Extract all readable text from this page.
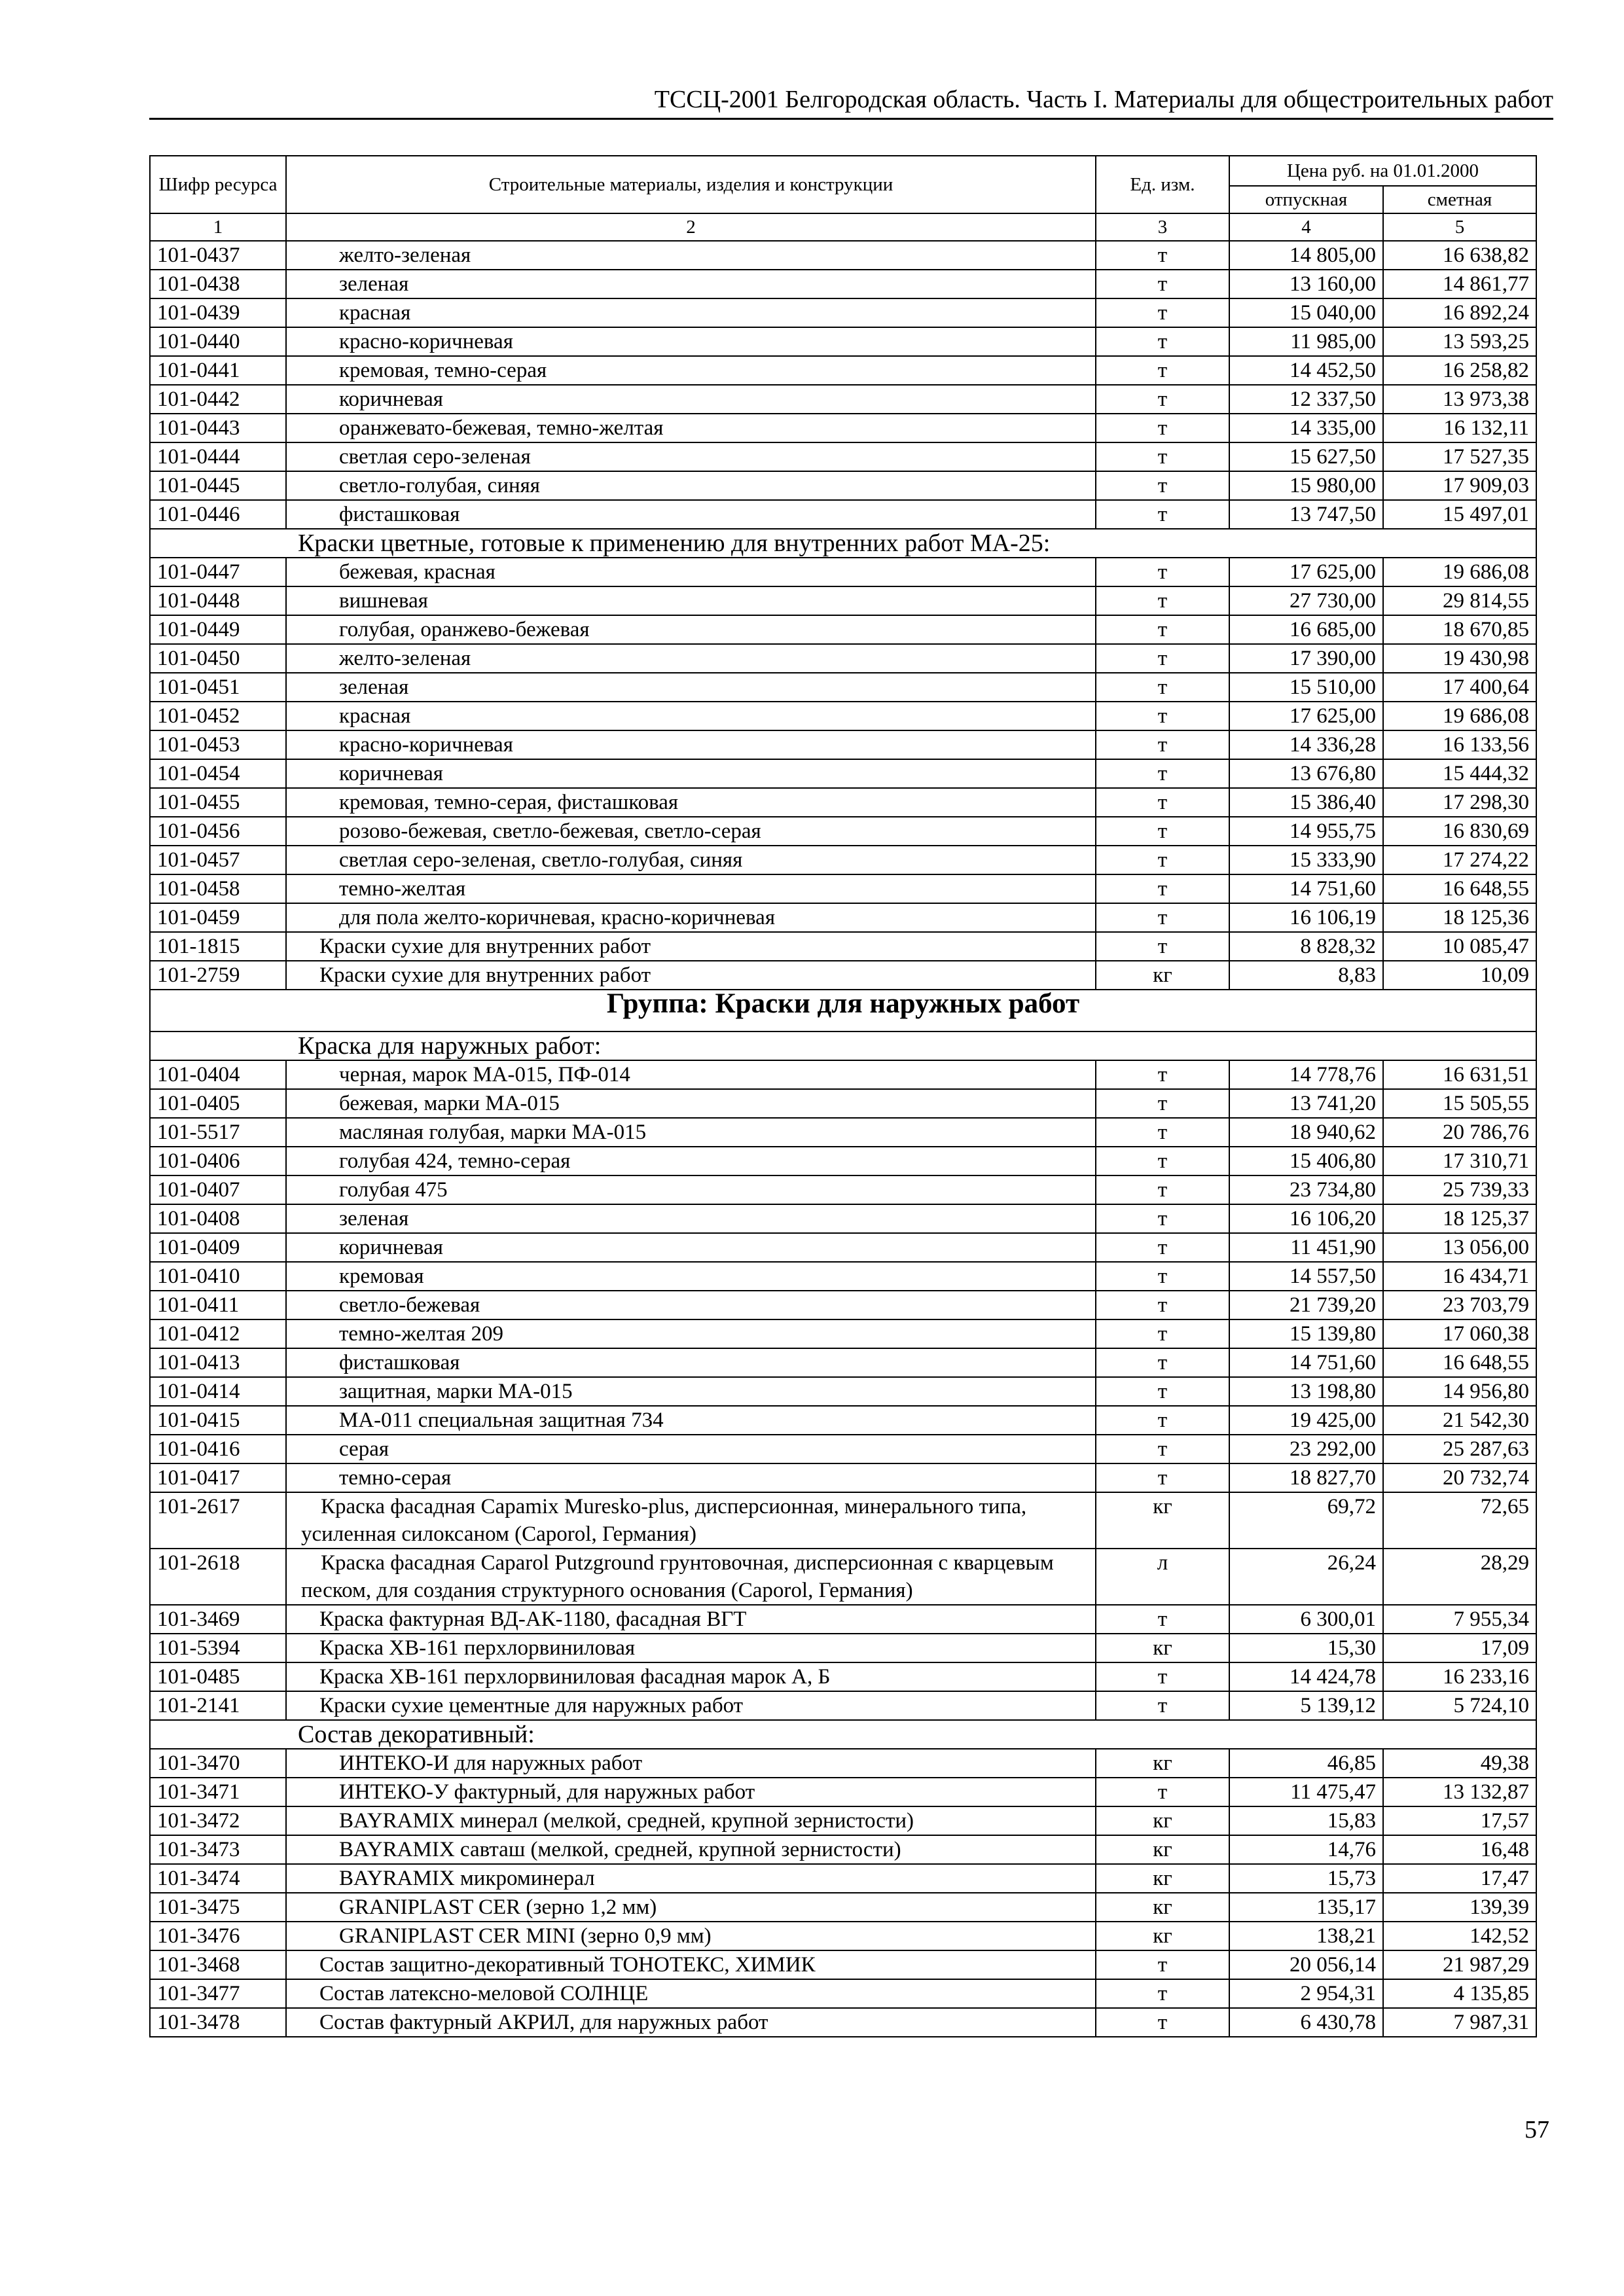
ТССЦ-2001 Белгородская область. Часть I. Материалы для общестроительных работ
Шифр ресурса	Строительные материалы, изделия и конструкции	Ед. изм.	Цена руб. на 01.01.2000	
			отпускная	сметная
1	2	3	4	5
101-0437	желто-зеленая	т	14 805,00	16 638,82
101-0438	зеленая	т	13 160,00	14 861,77
101-0439	красная	т	15 040,00	16 892,24
101-0440	красно-коричневая	т	11 985,00	13 593,25
101-0441	кремовая, темно-серая	т	14 452,50	16 258,82
101-0442	коричневая	т	12 337,50	13 973,38
101-0443	оранжевато-бежевая, темно-желтая	т	14 335,00	16 132,11
101-0444	светлая серо-зеленая	т	15 627,50	17 527,35
101-0445	светло-голубая, синяя	т	15 980,00	17 909,03
101-0446	фисташковая	т	13 747,50	15 497,01
Краски цветные, готовые к применению для внутренних работ МА-25:				
101-0447	бежевая, красная	т	17 625,00	19 686,08
101-0448	вишневая	т	27 730,00	29 814,55
101-0449	голубая, оранжево-бежевая	т	16 685,00	18 670,85
101-0450	желто-зеленая	т	17 390,00	19 430,98
101-0451	зеленая	т	15 510,00	17 400,64
101-0452	красная	т	17 625,00	19 686,08
101-0453	красно-коричневая	т	14 336,28	16 133,56
101-0454	коричневая	т	13 676,80	15 444,32
101-0455	кремовая, темно-серая, фисташковая	т	15 386,40	17 298,30
101-0456	розово-бежевая, светло-бежевая, светло-серая	т	14 955,75	16 830,69
101-0457	светлая серо-зеленая, светло-голубая, синяя	т	15 333,90	17 274,22
101-0458	темно-желтая	т	14 751,60	16 648,55
101-0459	для пола желто-коричневая, красно-коричневая	т	16 106,19	18 125,36
101-1815	Краски сухие для внутренних работ	т	8 828,32	10 085,47
101-2759	Краски сухие для внутренних работ	кг	8,83	10,09
Группа: Краски для наружных работ				
Краска для наружных работ:				
101-0404	черная, марок МА-015, ПФ-014	т	14 778,76	16 631,51
101-0405	бежевая, марки МА-015	т	13 741,20	15 505,55
101-5517	масляная голубая, марки МА-015	т	18 940,62	20 786,76
101-0406	голубая 424, темно-серая	т	15 406,80	17 310,71
101-0407	голубая 475	т	23 734,80	25 739,33
101-0408	зеленая	т	16 106,20	18 125,37
101-0409	коричневая	т	11 451,90	13 056,00
101-0410	кремовая	т	14 557,50	16 434,71
101-0411	светло-бежевая	т	21 739,20	23 703,79
101-0412	темно-желтая 209	т	15 139,80	17 060,38
101-0413	фисташковая	т	14 751,60	16 648,55
101-0414	защитная, марки МА-015	т	13 198,80	14 956,80
101-0415	МА-011 специальная защитная 734	т	19 425,00	21 542,30
101-0416	серая	т	23 292,00	25 287,63
101-0417	темно-серая	т	18 827,70	20 732,74
101-2617	Краска фасадная Capamix Muresko-plus, дисперсионная, минерального типа, усиленная силоксаном (Caporol, Германия)	кг	69,72	72,65
101-2618	Краска фасадная Caparol Putzground грунтовочная, дисперсионная с кварцевым песком, для создания структурного основания (Caporol, Германия)	л	26,24	28,29
101-3469	Краска фактурная ВД-АК-1180, фасадная ВГТ	т	6 300,01	7 955,34
101-5394	Краска ХВ-161 перхлорвиниловая	кг	15,30	17,09
101-0485	Краска ХВ-161 перхлорвиниловая фасадная марок А, Б	т	14 424,78	16 233,16
101-2141	Краски сухие цементные для наружных работ	т	5 139,12	5 724,10
Состав декоративный:				
101-3470	ИНТЕКО-И для наружных работ	кг	46,85	49,38
101-3471	ИНТЕКО-У фактурный, для наружных работ	т	11 475,47	13 132,87
101-3472	BAYRAMIX минерал (мелкой, средней, крупной зернистости)	кг	15,83	17,57
101-3473	BAYRAMIX савташ (мелкой, средней, крупной зернистости)	кг	14,76	16,48
101-3474	BAYRAMIX микроминерал	кг	15,73	17,47
101-3475	GRANIPLAST CER (зерно 1,2 мм)	кг	135,17	139,39
101-3476	GRANIPLAST CER MINI (зерно 0,9 мм)	кг	138,21	142,52
101-3468	Состав защитно-декоративный ТОНОТЕКС, ХИМИК	т	20 056,14	21 987,29
101-3477	Состав латексно-меловой СОЛНЦЕ	т	2 954,31	4 135,85
101-3478	Состав фактурный АКРИЛ, для наружных работ	т	6 430,78	7 987,31
57
